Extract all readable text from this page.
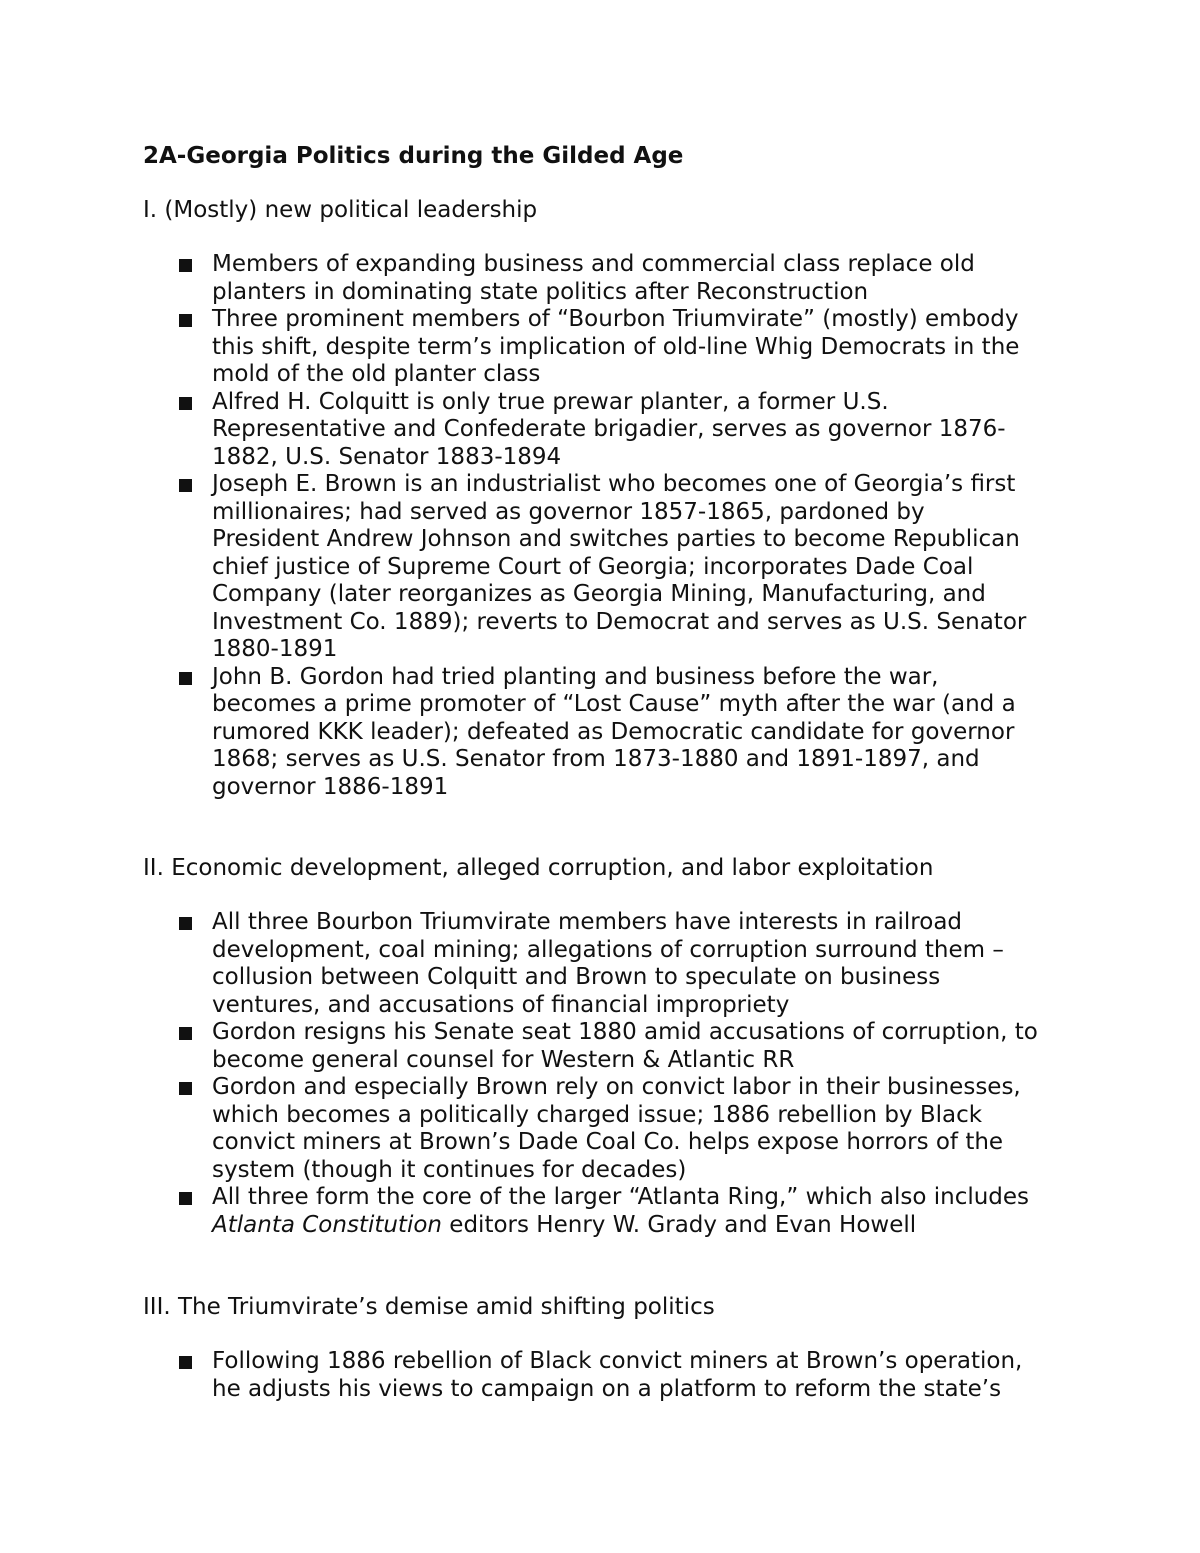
2A-Georgia Politics during the Gilded Age
I. (Mostly) new political leadership
Members of expanding business and commercial class replace old
planters in dominating state politics after Reconstruction
Three prominent members of “Bourbon Triumvirate” (mostly) embody
this shift, despite term’s implication of old-line Whig Democrats in the
mold of the old planter class
Alfred H. Colquitt is only true prewar planter, a former U.S.
Representative and Confederate brigadier, serves as governor 1876-
1882, U.S. Senator 1883-1894
Joseph E. Brown is an industrialist who becomes one of Georgia’s first
millionaires; had served as governor 1857-1865, pardoned by
President Andrew Johnson and switches parties to become Republican
chief justice of Supreme Court of Georgia; incorporates Dade Coal
Company (later reorganizes as Georgia Mining, Manufacturing, and
Investment Co. 1889); reverts to Democrat and serves as U.S. Senator
1880-1891
John B. Gordon had tried planting and business before the war,
becomes a prime promoter of “Lost Cause” myth after the war (and a
rumored KKK leader); defeated as Democratic candidate for governor
1868; serves as U.S. Senator from 1873-1880 and 1891-1897, and
governor 1886-1891
II. Economic development, alleged corruption, and labor exploitation
All three Bourbon Triumvirate members have interests in railroad
development, coal mining; allegations of corruption surround them –
collusion between Colquitt and Brown to speculate on business
ventures, and accusations of financial impropriety
Gordon resigns his Senate seat 1880 amid accusations of corruption, to
become general counsel for Western & Atlantic RR
Gordon and especially Brown rely on convict labor in their businesses,
which becomes a politically charged issue; 1886 rebellion by Black
convict miners at Brown’s Dade Coal Co. helps expose horrors of the
system (though it continues for decades)
All three form the core of the larger “Atlanta Ring,” which also includes
Atlanta Constitution editors Henry W. Grady and Evan Howell
III. The Triumvirate’s demise amid shifting politics
Following 1886 rebellion of Black convict miners at Brown’s operation,
he adjusts his views to campaign on a platform to reform the state’s
